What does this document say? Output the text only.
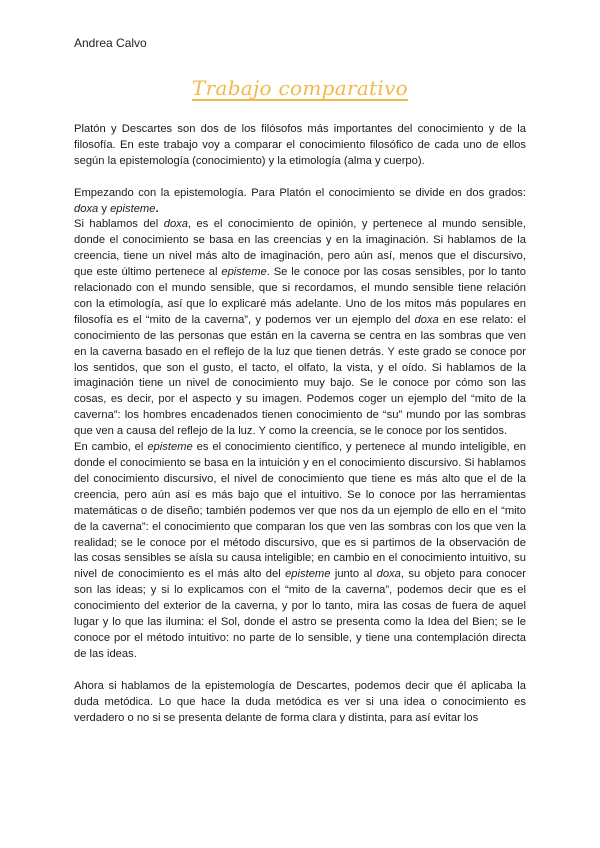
Andrea Calvo
Trabajo comparativo

Platón y Descartes son dos de los filósofos más importantes del conocimiento y de la filosofía. En este trabajo voy a comparar el conocimiento filosófico de cada uno de ellos según la epistemología (conocimiento) y la etimología (alma y cuerpo).

Empezando con la epistemología. Para Platón el conocimiento se divide en dos grados: doxa y episteme.

Si hablamos del doxa, es el conocimiento de opinión, y pertenece al mundo sensible, donde el conocimiento se basa en las creencias y en la imaginación. Si hablamos de la creencia, tiene un nivel más alto de imaginación, pero aún así, menos que el discursivo, que este último pertenece al episteme. Se le conoce por las cosas sensibles, por lo tanto relacionado con el mundo sensible, que si recordamos, el mundo sensible tiene relación con la etimología, así que lo explicaré más adelante. Uno de los mitos más populares en filosofía es el “mito de la caverna”, y podemos ver un ejemplo del doxa en ese relato: el conocimiento de las personas que están en la caverna se centra en las sombras que ven en la caverna basado en el reflejo de la luz que tienen detrás. Y este grado se conoce por los sentidos, que son el gusto, el tacto, el olfato, la vista, y el oído. Si hablamos de la imaginación tiene un nivel de conocimiento muy bajo. Se le conoce por cómo son las cosas, es decir, por el aspecto y su imagen. Podemos coger un ejemplo del “mito de la caverna”: los hombres encadenados tienen conocimiento de “su” mundo por las sombras que ven a causa del reflejo de la luz. Y como la creencia, se le conoce por los sentidos.

En cambio, el episteme es el conocimiento científico, y pertenece al mundo inteligible, en donde el conocimiento se basa en la intuición y en el conocimiento discursivo. Si hablamos del conocimiento discursivo, el nivel de conocimiento que tiene es más alto que el de la creencia, pero aún así es más bajo que el intuitivo. Se lo conoce por las herramientas matemáticas o de diseño; también podemos ver que nos da un ejemplo de ello en el “mito de la caverna”: el conocimiento que comparan los que ven las sombras con los que ven la realidad; se le conoce por el método discursivo, que es si partimos de la observación de las cosas sensibles se aísla su causa inteligible; en cambio en el conocimiento intuitivo, su nivel de conocimiento es el más alto del episteme junto al doxa, su objeto para conocer son las ideas; y si lo explicamos con el “mito de la caverna”, podemos decir que es el conocimiento del exterior de la caverna, y por lo tanto, mira las cosas de fuera de aquel lugar y lo que las ilumina: el Sol, donde el astro se presenta como la Idea del Bien; se le conoce por el método intuitivo: no parte de lo sensible, y tiene una contemplación directa de las ideas.

Ahora si hablamos de la epistemología de Descartes, podemos decir que él aplicaba la duda metódica. Lo que hace la duda metódica es ver si una idea o conocimiento es verdadero o no si se presenta delante de forma clara y distinta, para así evitar los
